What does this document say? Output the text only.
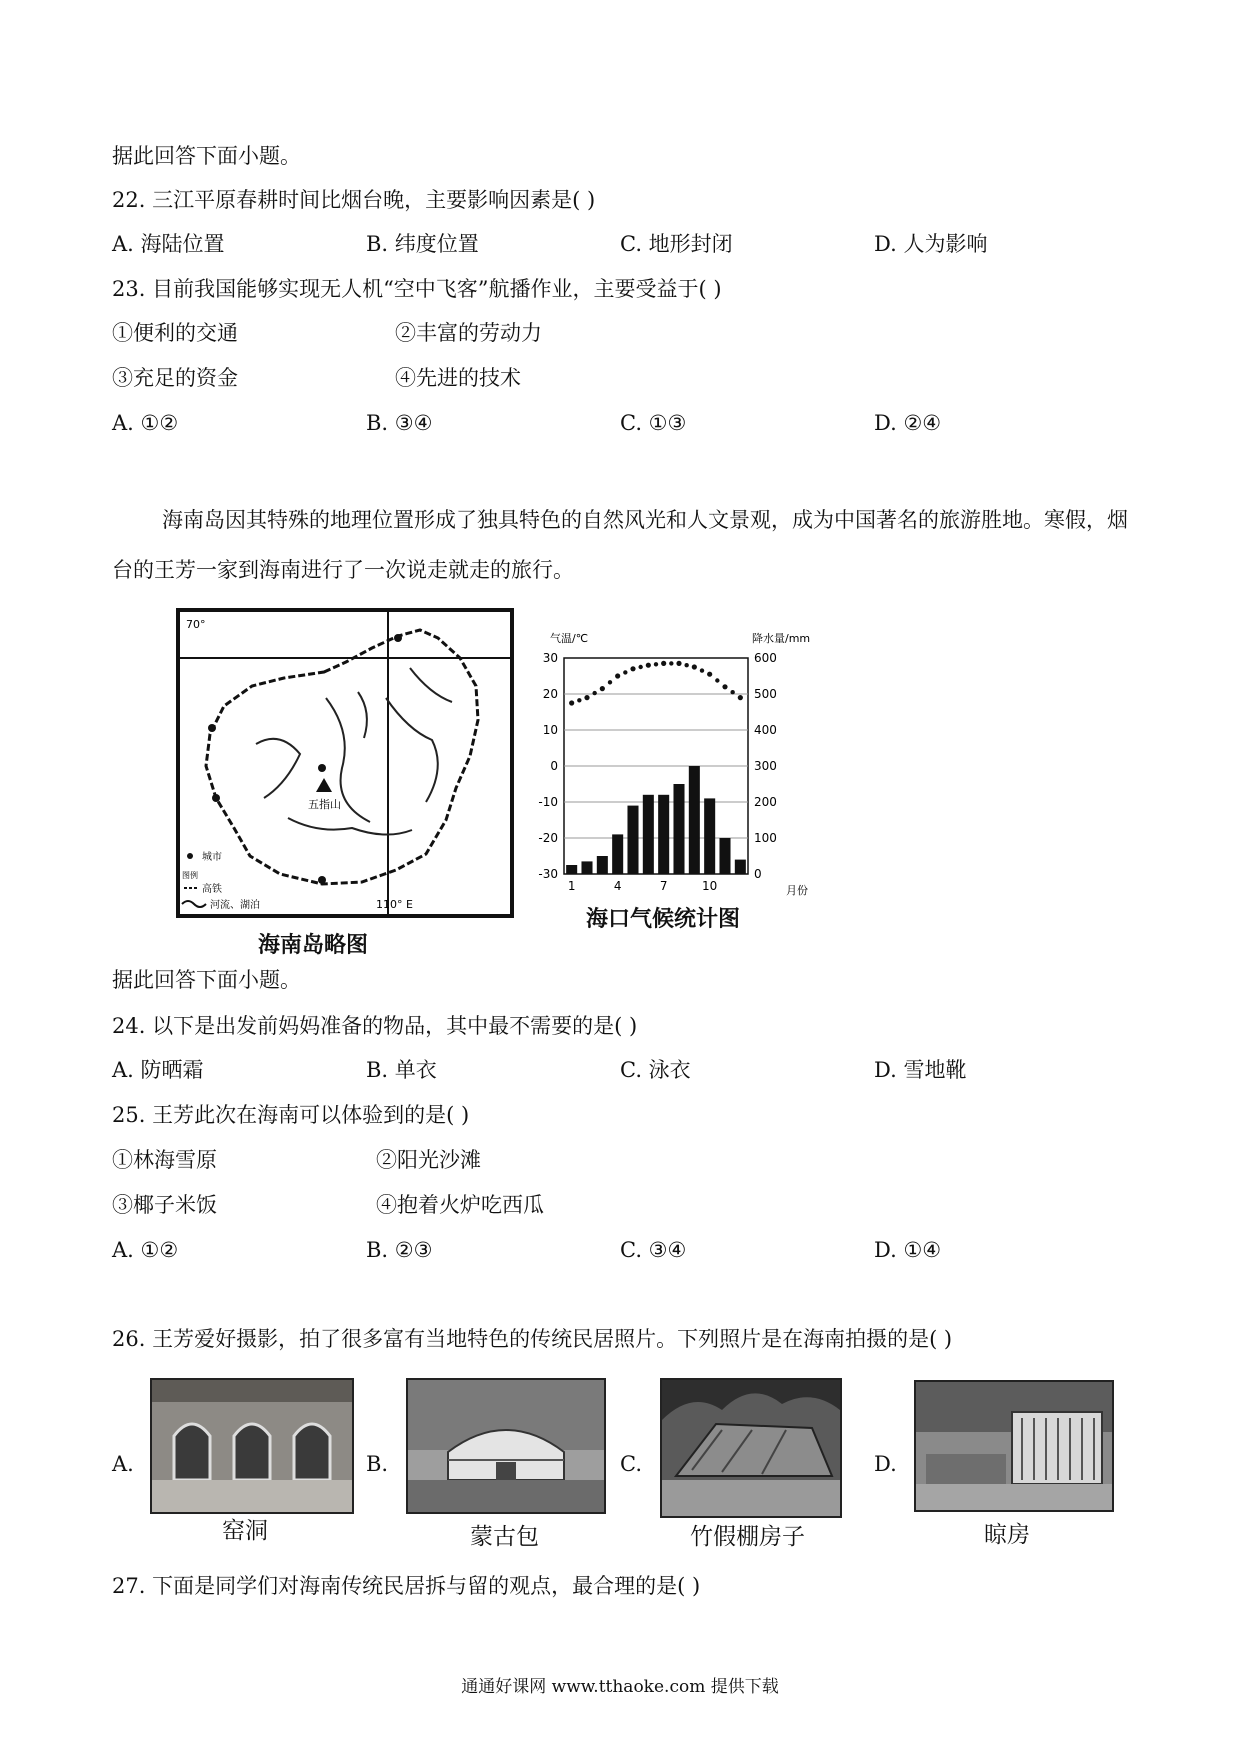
据此回答下面小题。
22. 三江平原春耕时间比烟台晚，主要影响因素是( )
A. 海陆位置	B. 纬度位置	C. 地形封闭	D. 人为影响
23. 目前我国能够实现无人机“空中飞客”航播作业，主要受益于( )
①便利的交通	②丰富的劳动力
③充足的资金	④先进的技术
A. ①②	B. ③④	C. ①③	D. ②④
海南岛因其特殊的地理位置形成了独具特色的自然风光和人文景观，成为中国著名的旅游胜地。寒假，烟台的王芳一家到海南进行了一次说走就走的旅行。
70°
110° E
五指山
城市
图例
高铁
河流、湖泊
海南岛略图
气温/℃	降水量/mm
月份
30
20
10
0
-10
-20
-30
600
500
400
300
200
100
0
1	4	7	10
海口气候统计图
据此回答下面小题。
24. 以下是出发前妈妈准备的物品，其中最不需要的是( )
A. 防晒霜	B. 单衣	C. 泳衣	D. 雪地靴
25. 王芳此次在海南可以体验到的是( )
①林海雪原	②阳光沙滩
③椰子米饭	④抱着火炉吃西瓜
A. ①②	B. ②③	C. ③④	D. ①④
26. 王芳爱好摄影，拍了很多富有当地特色的传统民居照片。下列照片是在海南拍摄的是( )
A.
窑洞
B.
蒙古包
C.
竹假棚房子
D.
晾房
27. 下面是同学们对海南传统民居拆与留的观点，最合理的是( )
通通好课网 www.tthaoke.com 提供下载
